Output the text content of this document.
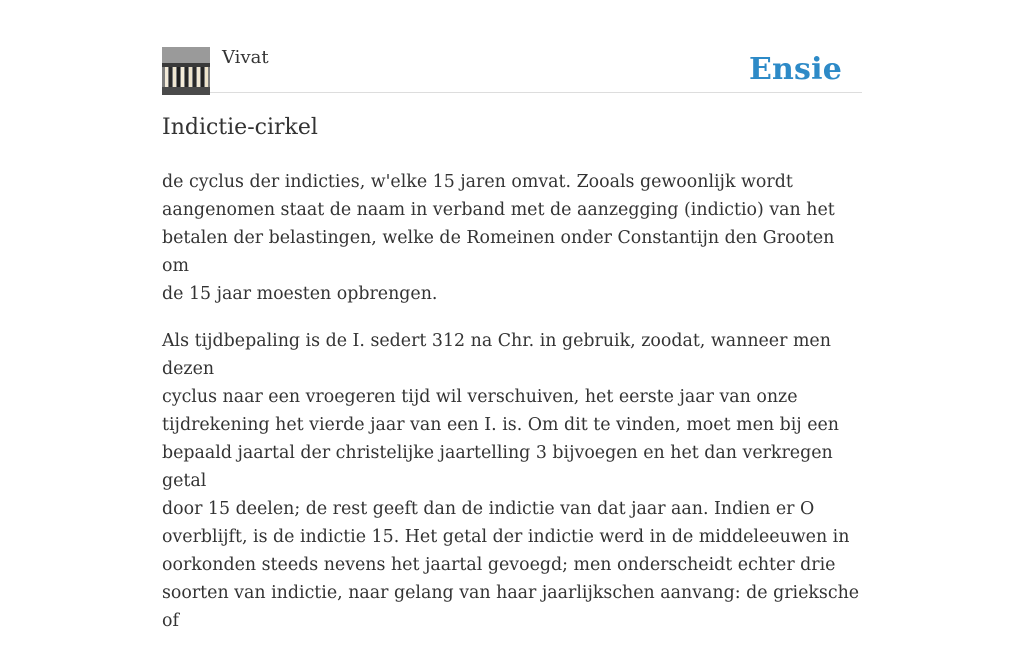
Vivat	Ensie
Indictie-cirkel

de cyclus der indicties, w'elke 15 jaren omvat. Zooals gewoonlijk wordt
aangenomen staat de naam in verband met de aanzegging (indictio) van het
betalen der belastingen, welke de Romeinen onder Constantijn den Grooten om
de 15 jaar moesten opbrengen.

Als tijdbepaling is de I. sedert 312 na Chr. in gebruik, zoodat, wanneer men dezen
cyclus naar een vroegeren tijd wil verschuiven, het eerste jaar van onze
tijdrekening het vierde jaar van een I. is. Om dit te vinden, moet men bij een
bepaald jaartal der christelijke jaartelling 3 bijvoegen en het dan verkregen getal
door 15 deelen; de rest geeft dan de indictie van dat jaar aan. Indien er O
overblijft, is de indictie 15. Het getal der indictie werd in de middeleeuwen in
oorkonden steeds nevens het jaartal gevoegd; men onderscheidt echter drie
soorten van indictie, naar gelang van haar jaarlijkschen aanvang: de grieksche of
